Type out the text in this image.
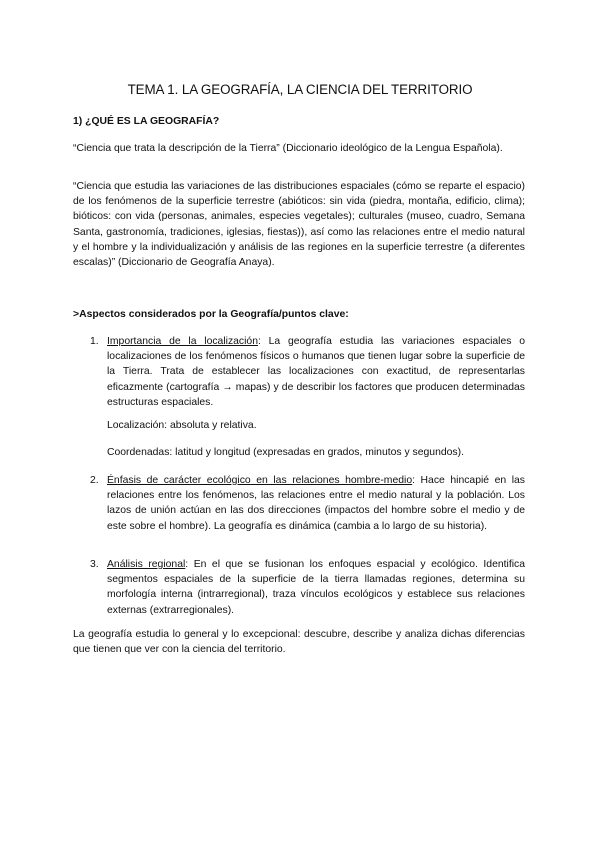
TEMA 1. LA GEOGRAFÍA, LA CIENCIA DEL TERRITORIO
1) ¿QUÉ ES LA GEOGRAFÍA?

“Ciencia que trata la descripción de la Tierra” (Diccionario ideológico de la Lengua Española).

“Ciencia que estudia las variaciones de las distribuciones espaciales (cómo se reparte el espacio) de los fenómenos de la superficie terrestre (abióticos: sin vida (piedra, montaña, edificio, clima); bióticos: con vida (personas, animales, especies vegetales); culturales (museo, cuadro, Semana Santa, gastronomía, tradiciones, iglesias, fiestas)), así como las relaciones entre el medio natural y el hombre y la individualización y análisis de las regiones en la superficie terrestre (a diferentes escalas)” (Diccionario de Geografía Anaya).

>Aspectos considerados por la Geografía/puntos clave:
1. Importancia de la localización: La geografía estudia las variaciones espaciales o localizaciones de los fenómenos físicos o humanos que tienen lugar sobre la superficie de la Tierra. Trata de establecer las localizaciones con exactitud, de representarlas eficazmente (cartografía → mapas) y de describir los factores que producen determinadas estructuras espaciales.
Localización: absoluta y relativa.
Coordenadas: latitud y longitud (expresadas en grados, minutos y segundos).
2. Énfasis de carácter ecológico en las relaciones hombre-medio: Hace hincapié en las relaciones entre los fenómenos, las relaciones entre el medio natural y la población. Los lazos de unión actúan en las dos direcciones (impactos del hombre sobre el medio y de este sobre el hombre). La geografía es dinámica (cambia a lo largo de su historia).
3. Análisis regional: En el que se fusionan los enfoques espacial y ecológico. Identifica segmentos espaciales de la superficie de la tierra llamadas regiones, determina su morfología interna (intrarregional), traza vínculos ecológicos y establece sus relaciones externas (extrarregionales).

La geografía estudia lo general y lo excepcional: descubre, describe y analiza dichas diferencias que tienen que ver con la ciencia del territorio.
